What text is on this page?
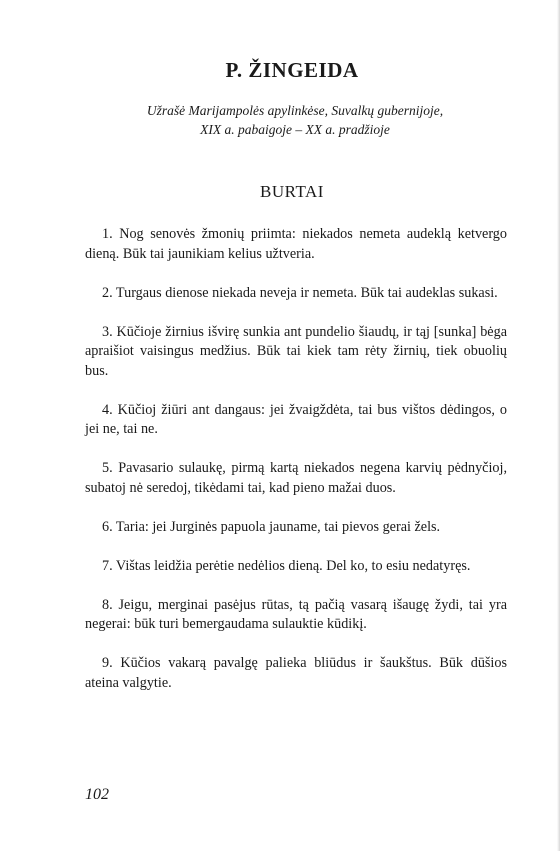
P. ŽINGEIDA

Užrašė Marijampolės apylinkėse, Suvalkų gubernijoje,
XIX a. pabaigoje – XX a. pradžioje

BURTAI
1. Nog senovės žmonių priimta: niekados nemeta audeklą ketvergo dieną. Būk tai jaunikiam kelius užtveria.
2. Turgaus dienose niekada neveja ir nemeta. Būk tai audeklas sukasi.
3. Kūčioje žirnius išvirę sunkia ant pundelio šiaudų, ir tąj [sunka] bėga apraišiot vaisingus medžius. Būk tai kiek tam rėty žirnių, tiek obuolių bus.
4. Kūčioj žiūri ant dangaus: jei žvaigždėta, tai bus vištos dėdingos, o jei ne, tai ne.
5. Pavasario sulaukę, pirmą kartą niekados negena karvių pėdnyčioj, subatoj nė seredoj, tikėdami tai, kad pieno mažai duos.
6. Taria: jei Jurginės papuola jauname, tai pievos gerai žels.
7. Vištas leidžia perėtie nedėlios dieną. Del ko, to esiu nedatyręs.
8. Jeigu, merginai pasėjus rūtas, tą pačią vasarą išaugę žydi, tai yra negerai: būk turi bemergaudama sulauktie kūdikį.
9. Kūčios vakarą pavalgę palieka bliūdus ir šaukštus. Būk dūšios ateina valgytie.

102
